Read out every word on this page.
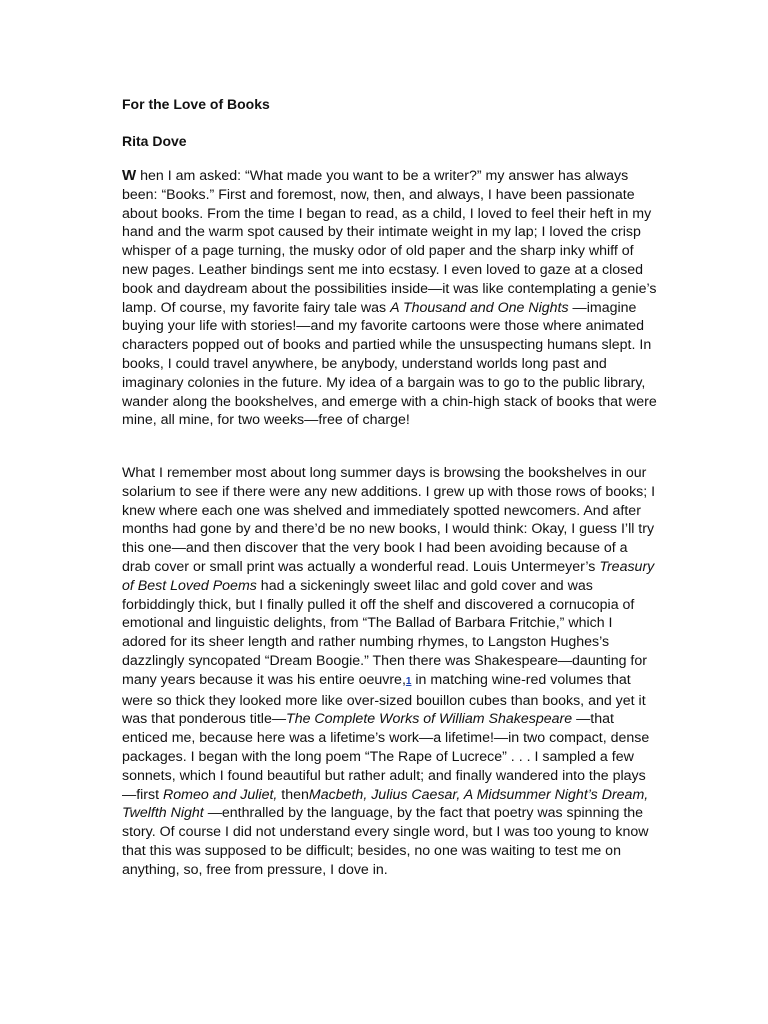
For the Love of Books
Rita Dove

W hen I am asked: “What made you want to be a writer?” my answer has always been: “Books.” First and foremost, now, then, and always, I have been passionate about books. From the time I began to read, as a child, I loved to feel their heft in my hand and the warm spot caused by their intimate weight in my lap; I loved the crisp whisper of a page turning, the musky odor of old paper and the sharp inky whiff of new pages. Leather bindings sent me into ecstasy. I even loved to gaze at a closed book and daydream about the possibilities inside—it was like contemplating a genie’s lamp. Of course, my favorite fairy tale was A Thousand and One Nights —imagine buying your life with stories!—and my favorite cartoons were those where animated characters popped out of books and partied while the unsuspecting humans slept. In books, I could travel anywhere, be anybody, understand worlds long past and imaginary colonies in the future. My idea of a bargain was to go to the public library, wander along the bookshelves, and emerge with a chin-high stack of books that were mine, all mine, for two weeks—free of charge!

What I remember most about long summer days is browsing the bookshelves in our solarium to see if there were any new additions. I grew up with those rows of books; I knew where each one was shelved and immediately spotted newcomers. And after months had gone by and there’d be no new books, I would think: Okay, I guess I’ll try this one—and then discover that the very book I had been avoiding because of a drab cover or small print was actually a wonderful read. Louis Untermeyer’s Treasury of Best Loved Poems had a sickeningly sweet lilac and gold cover and was forbiddingly thick, but I finally pulled it off the shelf and discovered a cornucopia of emotional and linguistic delights, from “The Ballad of Barbara Fritchie,” which I adored for its sheer length and rather numbing rhymes, to Langston Hughes’s dazzlingly syncopated “Dream Boogie.” Then there was Shakespeare—daunting for many years because it was his entire oeuvre,1 in matching wine-red volumes that were so thick they looked more like over-sized bouillon cubes than books, and yet it was that ponderous title—The Complete Works of William Shakespeare —that enticed me, because here was a lifetime’s work—a lifetime!—in two compact, dense packages. I began with the long poem “The Rape of Lucrece” . . . I sampled a few sonnets, which I found beautiful but rather adult; and finally wandered into the plays—first Romeo and Juliet, thenMacbeth, Julius Caesar, A Midsummer Night’s Dream, Twelfth Night —enthralled by the language, by the fact that poetry was spinning the story. Of course I did not understand every single word, but I was too young to know that this was supposed to be difficult; besides, no one was waiting to test me on anything, so, free from pressure, I dove in.
